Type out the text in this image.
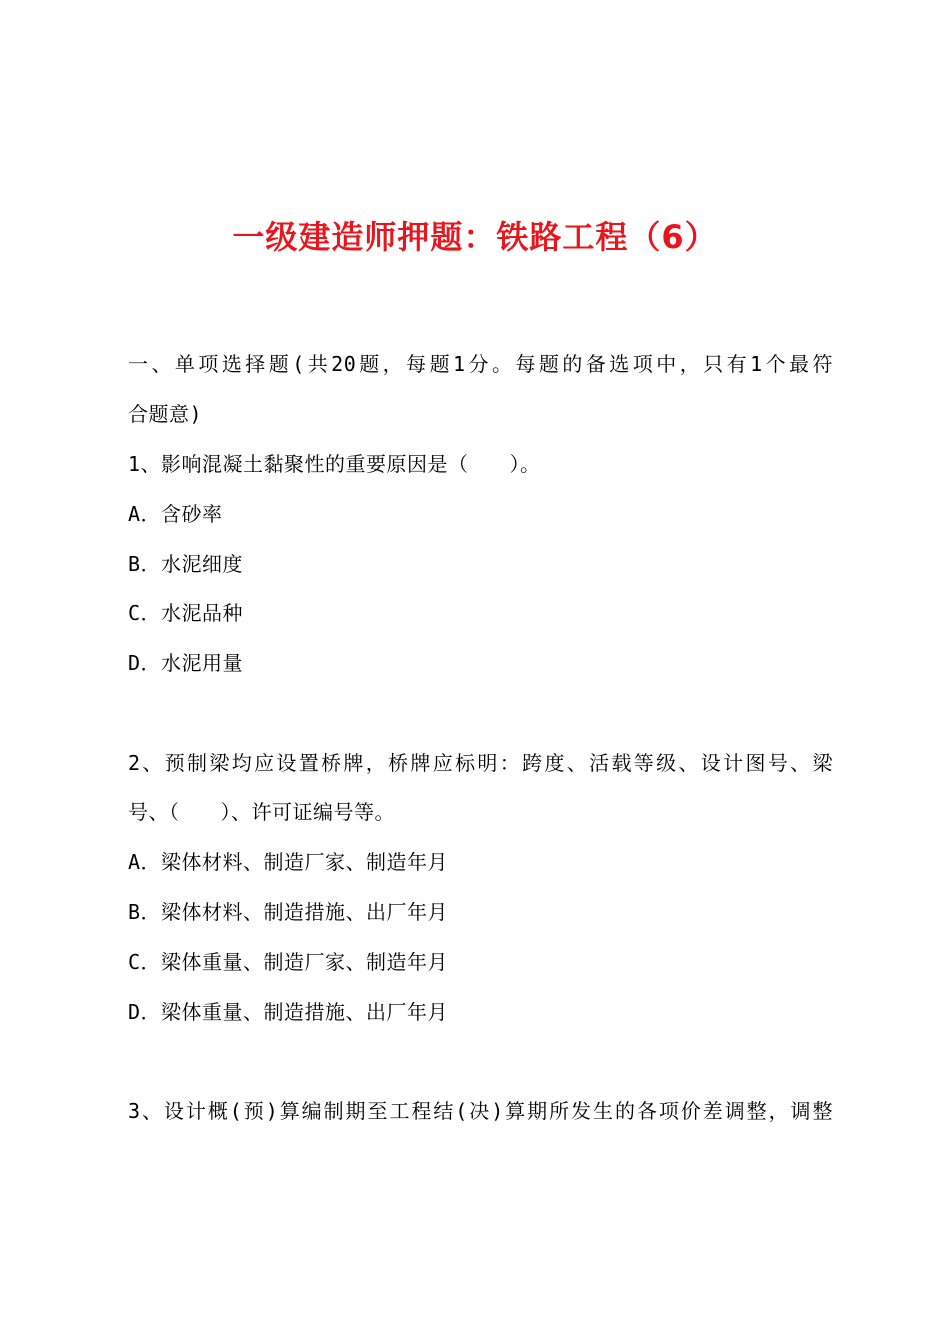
一级建造师押题：铁路工程（6）
一、单项选择题(共20题，每题1分。每题的备选项中，只有1个最符
合题意)
1、影响混凝土黏聚性的重要原因是（　　）。
A．含砂率
B．水泥细度
C．水泥品种
D．水泥用量
2、预制梁均应设置桥牌，桥牌应标明：跨度、活载等级、设计图号、梁
号、（　　）、许可证编号等。
A．梁体材料、制造厂家、制造年月
B．梁体材料、制造措施、出厂年月
C．梁体重量、制造厂家、制造年月
D．梁体重量、制造措施、出厂年月
3、设计概(预)算编制期至工程结(决)算期所发生的各项价差调整，调整
